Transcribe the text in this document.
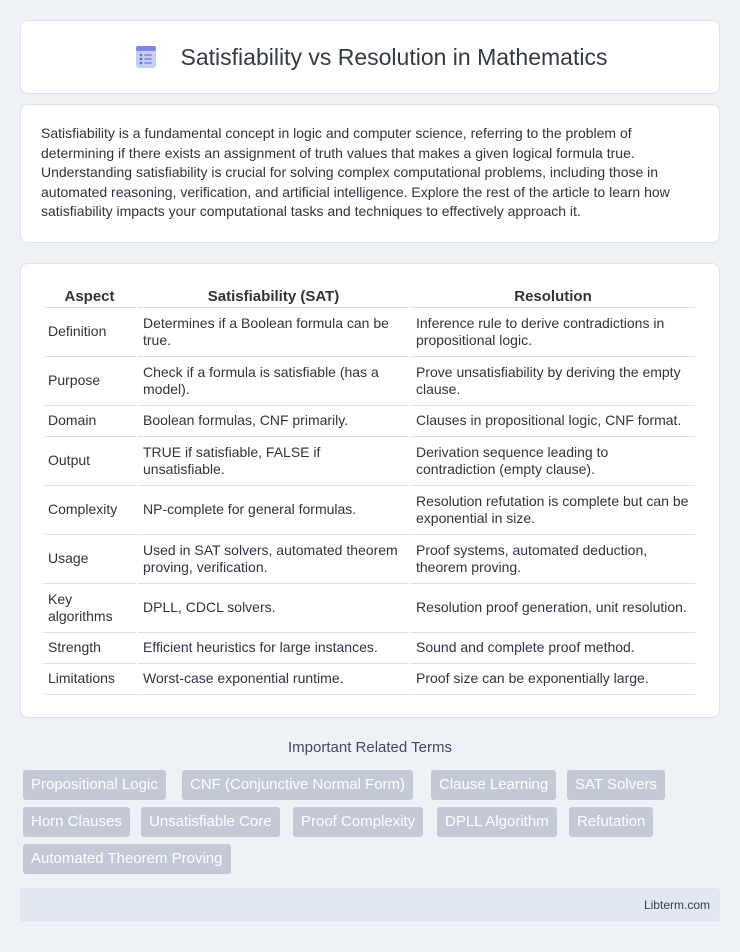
Satisfiability vs Resolution in Mathematics

Satisfiability is a fundamental concept in logic and computer science, referring to the problem of determining if there exists an assignment of truth values that makes a given logical formula true. Understanding satisfiability is crucial for solving complex computational problems, including those in automated reasoning, verification, and artificial intelligence. Explore the rest of the article to learn how satisfiability impacts your computational tasks and techniques to effectively approach it.

Aspect	Satisfiability (SAT)	Resolution
Definition	Determines if a Boolean formula can be true.	Inference rule to derive contradictions in propositional logic.
Purpose	Check if a formula is satisfiable (has a model).	Prove unsatisfiability by deriving the empty clause.
Domain	Boolean formulas, CNF primarily.	Clauses in propositional logic, CNF format.
Output	TRUE if satisfiable, FALSE if unsatisfiable.	Derivation sequence leading to contradiction (empty clause).
Complexity	NP-complete for general formulas.	Resolution refutation is complete but can be exponential in size.
Usage	Used in SAT solvers, automated theorem proving, verification.	Proof systems, automated deduction, theorem proving.
Key algorithms	DPLL, CDCL solvers.	Resolution proof generation, unit resolution.
Strength	Efficient heuristics for large instances.	Sound and complete proof method.
Limitations	Worst-case exponential runtime.	Proof size can be exponentially large.
Important Related Terms
Propositional Logic	CNF (Conjunctive Normal Form)	Clause Learning	SAT Solvers
Horn Clauses	Unsatisfiable Core	Proof Complexity	DPLL Algorithm	Refutation
Automated Theorem Proving
Libterm.com
